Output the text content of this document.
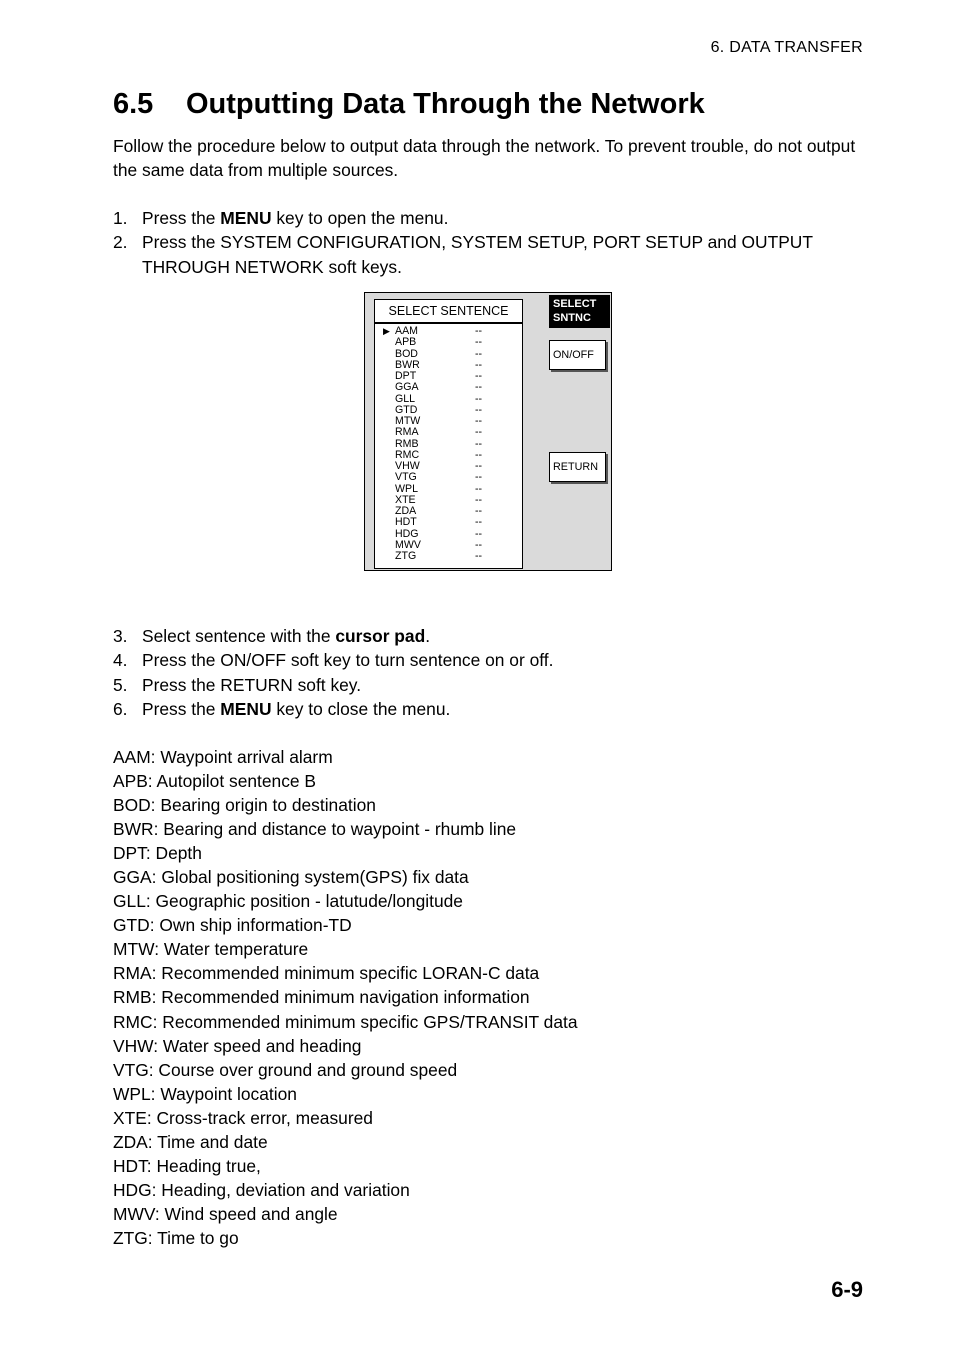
6. DATA TRANSFER
6.5 Outputting Data Through the Network

Follow the procedure below to output data through the network. To prevent trouble, do not output the same data from multiple sources.

1. Press the MENU key to open the menu.
2. Press the SYSTEM CONFIGURATION, SYSTEM SETUP, PORT SETUP and OUTPUT THROUGH NETWORK soft keys.
SELECT SENTENCE
▶ AAM	--
APB	--
BOD	--
BWR	--
DPT	--
GGA	--
GLL	--
GTD	--
MTW	--
RMA	--
RMB	--
RMC	--
VHW	--
VTG	--
WPL	--
XTE	--
ZDA	--
HDT	--
HDG	--
MWV	--
ZTG	--
SELECT
SNTNC
ON/OFF
RETURN
3. Select sentence with the cursor pad.
4. Press the ON/OFF soft key to turn sentence on or off.
5. Press the RETURN soft key.
6. Press the MENU key to close the menu.
AAM: Waypoint arrival alarm
APB: Autopilot sentence B
BOD: Bearing origin to destination
BWR: Bearing and distance to waypoint - rhumb line
DPT: Depth
GGA: Global positioning system(GPS) fix data
GLL: Geographic position - latutude/longitude
GTD: Own ship information-TD
MTW: Water temperature
RMA: Recommended minimum specific LORAN-C data
RMB: Recommended minimum navigation information
RMC: Recommended minimum specific GPS/TRANSIT data
VHW: Water speed and heading
VTG: Course over ground and ground speed
WPL: Waypoint location
XTE: Cross-track error, measured
ZDA: Time and date
HDT: Heading true,
HDG: Heading, deviation and variation
MWV: Wind speed and angle
ZTG: Time to go
6-9
